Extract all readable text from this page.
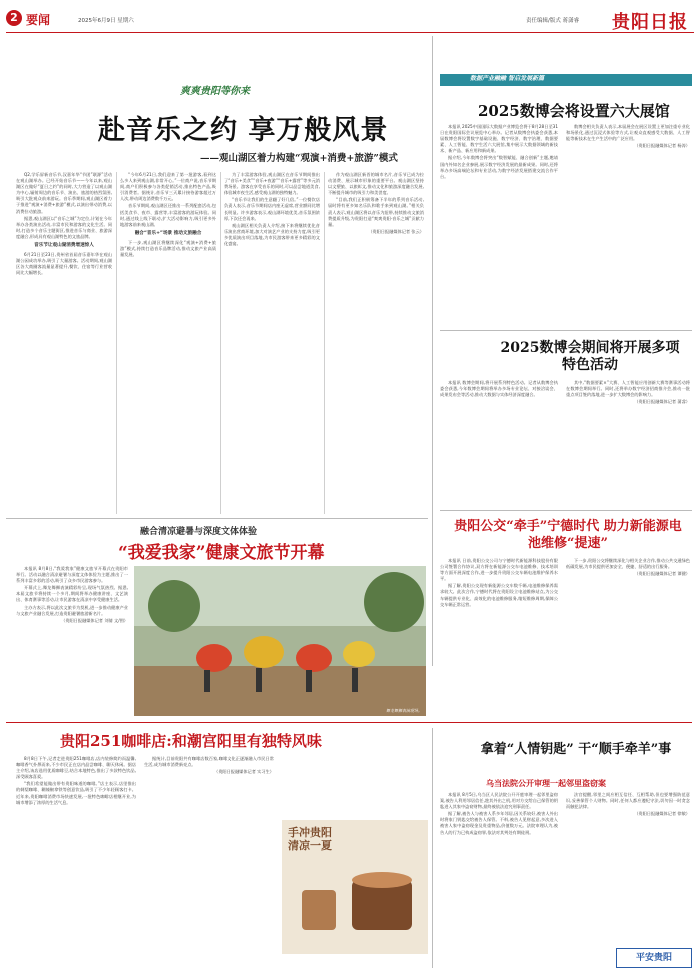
2 要闻	2025年6月9日 星期六	责任编辑/版式 蒋潇睿 贵阳日报
爽爽贵阳等你来
赴音乐之约 享万般风景
——观山湖区着力构建“观演+消费+旅游”模式

Q2,学乐屏新音乐节,汉嘉年华“节团”联源”活动在观山湖举办。已经开始音乐节——今年以来,观山湖区在做好“夏日之约”的同时,大力营造了以观山湖为中心,辐射周边的音乐节、演出、旅游的热烈氛围,吸引大批观众前来游玩。音乐季期间,观山湖区着力于推进“观演+消费+旅游”模式,以演出带动消费,以消费拉动旅游。

据悉,观山湖区以“音乐之城”为定位,计划在今年举办各类演出活动,丰富市民和游客的文化生活。同时,打造多个音乐主题街区,推进音乐与商业、旅游深度融合,形成具有观山湖特色的文旅品牌。

音乐节让观山湖消费增速惊人

6月21日至23日,贵州省首届音乐嘉年华在观山湖公园成功举办,吸引了大量游客。活动期间,观山湖区各大商圈客流量显著提升,餐饮、住宿等行业营收同比大幅增长。

“今年6月21日,我们迎来了第一批游客,看到这么多人来到观山湖,非常开心。”一位商户说,音乐节期间,商户们积极参与各类促销活动,推出特色产品,吸引消费者。据统计,音乐节三天累计接待游客超过万人次,带动周边消费数千万元。

音乐节期间,观山湖区还推出一系列配套活动,包括美食节、夜市、露营等,丰富游客的游玩体验。同时,通过线上线下联动,扩大活动影响力,吸引更多外地游客前来观山湖。

融合“音乐+”场景 推动文旅融合

下一步,观山湖区将继续深化“观演+消费+旅游”模式,持续打造音乐品牌活动,推动文旅产业高质量发展。

为了丰富游客体验,观山湖区在音乐节期间推出了“音乐+美食”“音乐+夜游”“音乐+露营”等多元消费场景。游客在享受音乐的同时,可以品尝地道美食,体验城市夜生活,感受观山湖的独特魅力。

“音乐节让我们的生意翻了好几倍。”一位餐饮店负责人表示,音乐节期间店内座无虚席,营业额同比增长明显。许多游客表示,观山湖环境优美,音乐氛围浓厚,下次还会再来。

观山湖区相关负责人介绍,接下来将继续优化音乐演出营商环境,加大对演艺产业的支持力度,吸引更多优质演出项目落地,为市民游客带来更多精彩的文化盛宴。

作为观山湖区新晋的城市名片,音乐节已成为拉动消费、展示城市形象的重要平台。观山湖区坚持以文塑旅、以旅彰文,推动文化和旅游深度融合发展,不断提升城市的吸引力和美誉度。

“目前,我们正积极筹备下半年的系列音乐活动,届时将有更多知名乐队和歌手来到观山湖。”相关负责人表示,观山湖区将以音乐为纽带,持续推动文旅消费提质升级,为贵阳打造“爽爽贵阳·音乐之城”贡献力量。

（贵阳日报融媒体记者 张云）

数据产业融融 智启发展新篇
2025数博会将设置六大展馆

本报讯 2025中国国际大数据产业博览会将于8月28日至31日在贵阳国际会议展览中心举办。记者从数博会执委会获悉,本届数博会将设置数字基础设施、数字经济、数字治理、数据要素、人工智能、数字生活六大展馆,集中展示大数据领域的新技术、新产品、新应用和新成果。

据介绍,今年数博会将突出“数智赋能、融合创新”主题,邀请国内外知名企业参展,展示数字经济发展的最新成果。同时,还将举办多场高端论坛和专业活动,为数字经济发展搭建交流合作平台。

数博会相关负责人表示,本届展会在展区设置上更加注重专业化和场景化,通过沉浸式体验等方式,让观众直观感受大数据、人工智能等新技术在生产生活中的广泛应用。

（贵阳日报融媒体记者 杨涛）

2025数博会期间将开展多项特色活动

本报讯 数博会期间,将开展系列特色活动。记者从数博会执委会获悉,今年数博会期间将举办多场专业论坛、对接洽谈会、成果发布会等活动,推动大数据与实体经济深度融合。

其中,“数据要素×”大赛、人工智能应用创新大赛等赛事活动将在数博会期间举行。同时,还将举办数字经济招商推介会,推动一批重点项目签约落地,进一步扩大数博会的影响力。

（贵阳日报融媒体记者 蒲睿）

贵阳公交“牵手”宁德时代 助力新能源电池维修“提速”

本报讯 日前,贵阳公交公司与宁德时代新能源科技股份有限公司签署合作协议,双方将在新能源公交车电池维修、技术培训等方面开展深度合作,进一步提升贵阳公交车辆电池维护保养水平。

据了解,贵阳公交现有新能源公交车数千辆,电池维修保养需求较大。此次合作,宁德时代将在贵阳设立电池维修站点,为公交车辆提供专业化、高效化的电池维修服务,缩短维修周期,保障公交车辆正常运营。

下一步,贵阳公交将继续深化与相关企业合作,推动公共交通绿色低碳发展,为市民提供更加安全、便捷、舒适的出行服务。

（贵阳日报融媒体记者 谭健）

融合清凉避暑与深度文体体验
“我爱我家”健康文旅节开幕

本报讯 8月8日,“我爱我家”健康文旅节开幕式在贵阳市举行。活动以融合清凉避暑与深度文体体验为主题,推出了一系列丰富多彩的活动,吸引了众多市民游客参与。

开幕式上,舞龙舞狮表演精彩纷呈,现场气氛热烈。据悉,本届文旅节将持续一个多月,期间将举办健康讲座、文艺演出、体育赛事等活动,让市民游客在清凉中享受健康生活。

主办方表示,将以此次文旅节为契机,进一步推动健康产业与文旅产业融合发展,打造贵阳避暑旅游新名片。

（贵阳日报融媒体记者 刘倩 文/图）

舞龙舞狮表演现场。
贵阳251咖啡店:和潮宫阳里有独特风味

8月8日下午,记者走进贵阳251咖啡店,店内装修简约而温馨,咖啡香气扑鼻而来,不少市民正在店内品尝咖啡、聊天休闲。据店主介绍,该店选用优质咖啡豆,结合本地特色,推出了多款特色饮品,深受顾客喜爱。

“我们希望能做出带有贵阳味道的咖啡。”店主表示,店里推出的刺梨咖啡、糊辣椒拿铁等创意饮品,吸引了不少年轻顾客打卡。近年来,贵阳咖啡消费市场快速发展,一批特色咖啡店相继开业,为城市增添了浓厚的生活气息。

据统计,目前贵阳共有咖啡店数百家,咖啡文化正逐渐融入市民日常生活,成为城市消费新亮点。

（贵阳日报融媒体记者 实习生）

手冲贵阳 清凉一夏
拿着“人情钥匙” 干“顺手牵羊”事
乌当法院公开审理一起邻里盗窃案

本报讯 8月5日,乌当区人民法院公开开庭审理一起邻里盗窃案,被告人利用邻居信任,趁其外出之机,用对方交给自己保管的钥匙进入其家中盗窃财物,最终被依法追究刑事责任。

据了解,被告人与被害人系多年邻居,因关系较好,被害人外出时将家门钥匙交给被告人保管。不料,被告人见财起意,多次进入被害人家中盗窃现金及贵重物品,价值数万元。法院审理认为,被告人的行为已构成盗窃罪,依法对其判处有期徒刑。

法官提醒,邻里之间应相互信任、互相帮助,但也要增强防范意识,妥善保管个人财物。同时,任何人都应遵纪守法,切勿因一时贪念而触犯法律。

（贵阳日报融媒体记者 徐敏）

平安贵阳
